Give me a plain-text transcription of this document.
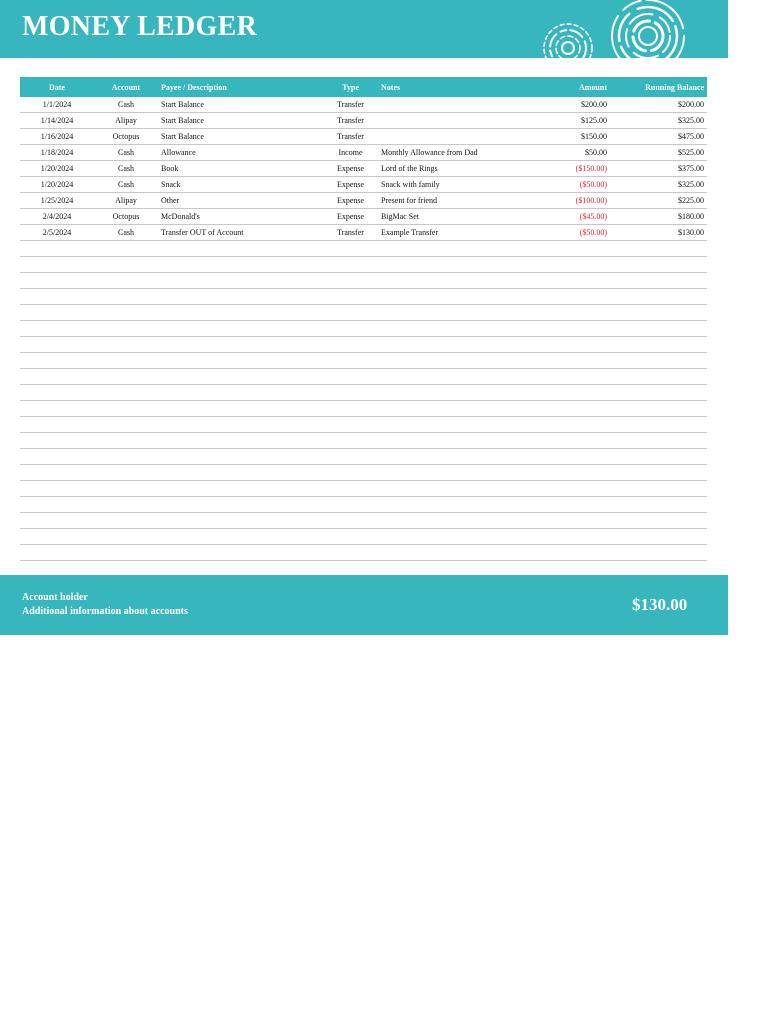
MONEY LEDGER
Date	Account	Payee / Description	Type	Notes	Amount	Running Balance
1/1/2024	Cash	Start Balance	Transfer		$200.00	$200.00
1/14/2024	Alipay	Start Balance	Transfer		$125.00	$325.00
1/16/2024	Octopus	Start Balance	Transfer		$150.00	$475.00
1/18/2024	Cash	Allowance	Income	Monthly Allowance from Dad	$50.00	$525.00
1/20/2024	Cash	Book	Expense	Lord of the Rings	($150.00)	$375.00
1/20/2024	Cash	Snack	Expense	Snack with family	($50.00)	$325.00
1/25/2024	Alipay	Other	Expense	Present for friend	($100.00)	$225.00
2/4/2024	Octopus	McDonald's	Expense	BigMac Set	($45.00)	$180.00
2/5/2024	Cash	Transfer OUT of Account	Transfer	Example Transfer	($50.00)	$130.00

Account holder
Additional information about accounts	$130.00
